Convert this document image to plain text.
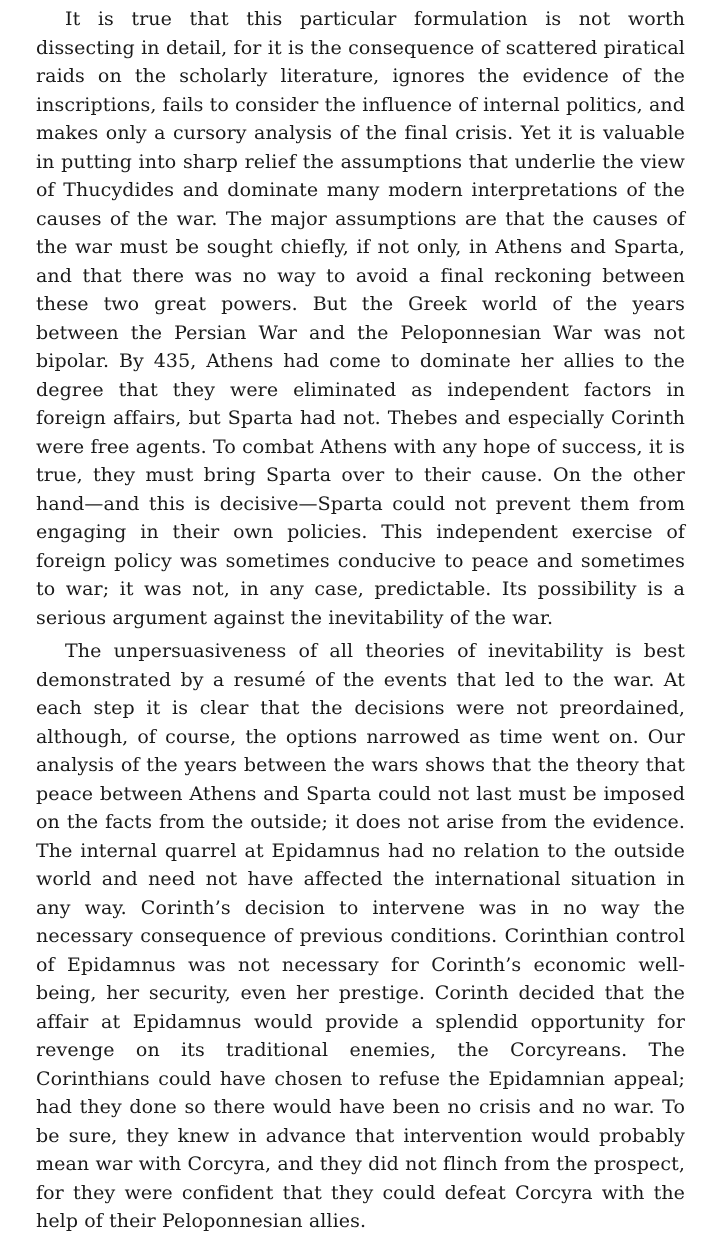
It is true that this particular formulation is not worth dissecting in detail, for it is the consequence of scattered piratical raids on the scholarly literature, ignores the evidence of the inscriptions, fails to consider the influence of internal politics, and makes only a cursory analysis of the final crisis. Yet it is valuable in putting into sharp relief the assumptions that underlie the view of Thucydides and dominate many modern interpretations of the causes of the war. The major assumptions are that the causes of the war must be sought chiefly, if not only, in Athens and Sparta, and that there was no way to avoid a final reckoning between these two great powers. But the Greek world of the years between the Persian War and the Peloponnesian War was not bipolar. By 435, Athens had come to dominate her allies to the degree that they were eliminated as independent factors in foreign affairs, but Sparta had not. Thebes and especially Corinth were free agents. To combat Athens with any hope of success, it is true, they must bring Sparta over to their cause. On the other hand—and this is decisive—Sparta could not prevent them from engaging in their own policies. This independent exercise of foreign policy was sometimes conducive to peace and sometimes to war; it was not, in any case, predictable. Its possibility is a serious argument against the inevitability of the war.

The unpersuasiveness of all theories of inevitability is best demonstrated by a resumé of the events that led to the war. At each step it is clear that the decisions were not preordained, although, of course, the options narrowed as time went on. Our analysis of the years between the wars shows that the theory that peace between Athens and Sparta could not last must be imposed on the facts from the outside; it does not arise from the evidence. The internal quarrel at Epidamnus had no relation to the outside world and need not have affected the international situation in any way. Corinth’s decision to intervene was in no way the necessary consequence of previous conditions. Corinthian control of Epidamnus was not necessary for Corinth’s economic well-being, her security, even her prestige. Corinth decided that the affair at Epidamnus would provide a splendid opportunity for revenge on its traditional enemies, the Corcyreans. The Corinthians could have chosen to refuse the Epidamnian appeal; had they done so there would have been no crisis and no war. To be sure, they knew in advance that intervention would probably mean war with Corcyra, and they did not flinch from the prospect, for they were confident that they could defeat Corcyra with the help of their Peloponnesian allies.
